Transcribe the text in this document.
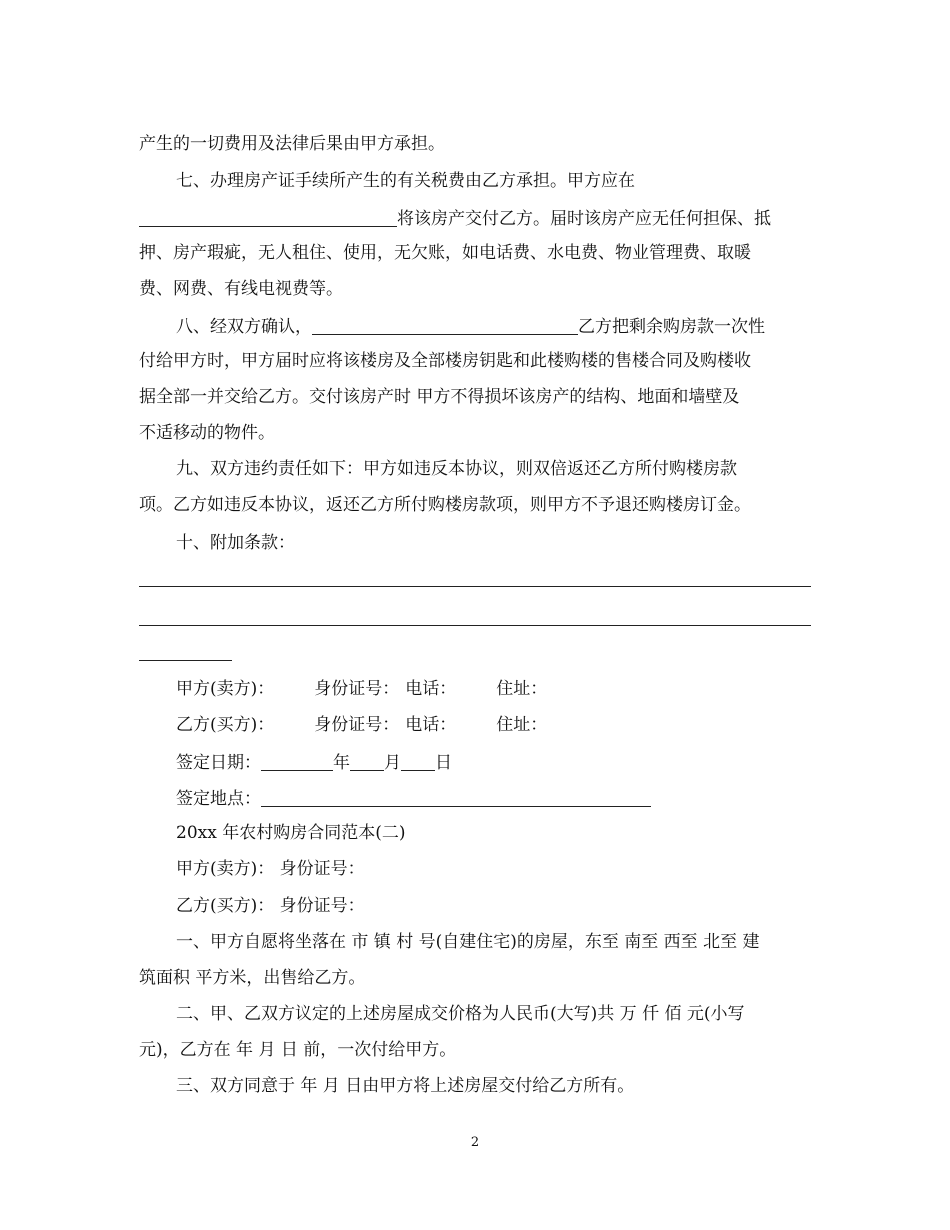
产生的一切费用及法律后果由甲方承担。
七、办理房产证手续所产生的有关税费由乙方承担。甲方应在
将该房产交付乙方。届时该房产应无任何担保、抵
押、房产瑕疵，无人租住、使用，无欠账，如电话费、水电费、物业管理费、取暖
费、网费、有线电视费等。
八、经双方确认，	乙方把剩余购房款一次性
付给甲方时，甲方届时应将该楼房及全部楼房钥匙和此楼购楼的售楼合同及购楼收
据全部一并交给乙方。交付该房产时 甲方不得损坏该房产的结构、地面和墙壁及
不适移动的物件。
九、双方违约责任如下：甲方如违反本协议，则双倍返还乙方所付购楼房款
项。乙方如违反本协议，返还乙方所付购楼房款项，则甲方不予退还购楼房订金。
十、附加条款：
甲方(卖方)： 身份证号： 电话： 住址：
乙方(买方)： 身份证号： 电话： 住址：
签定日期：	年 月 日
签定地点：
20xx 年农村购房合同范本(二)
甲方(卖方)： 身份证号：
乙方(买方)： 身份证号：
一、甲方自愿将坐落在 市 镇 村 号(自建住宅)的房屋，东至 南至 西至 北至 建
筑面积 平方米，出售给乙方。
二、甲、乙双方议定的上述房屋成交价格为人民币(大写)共 万 仟 佰 元(小写
元)，乙方在 年 月 日 前，一次付给甲方。
三、双方同意于 年 月 日由甲方将上述房屋交付给乙方所有。
2
